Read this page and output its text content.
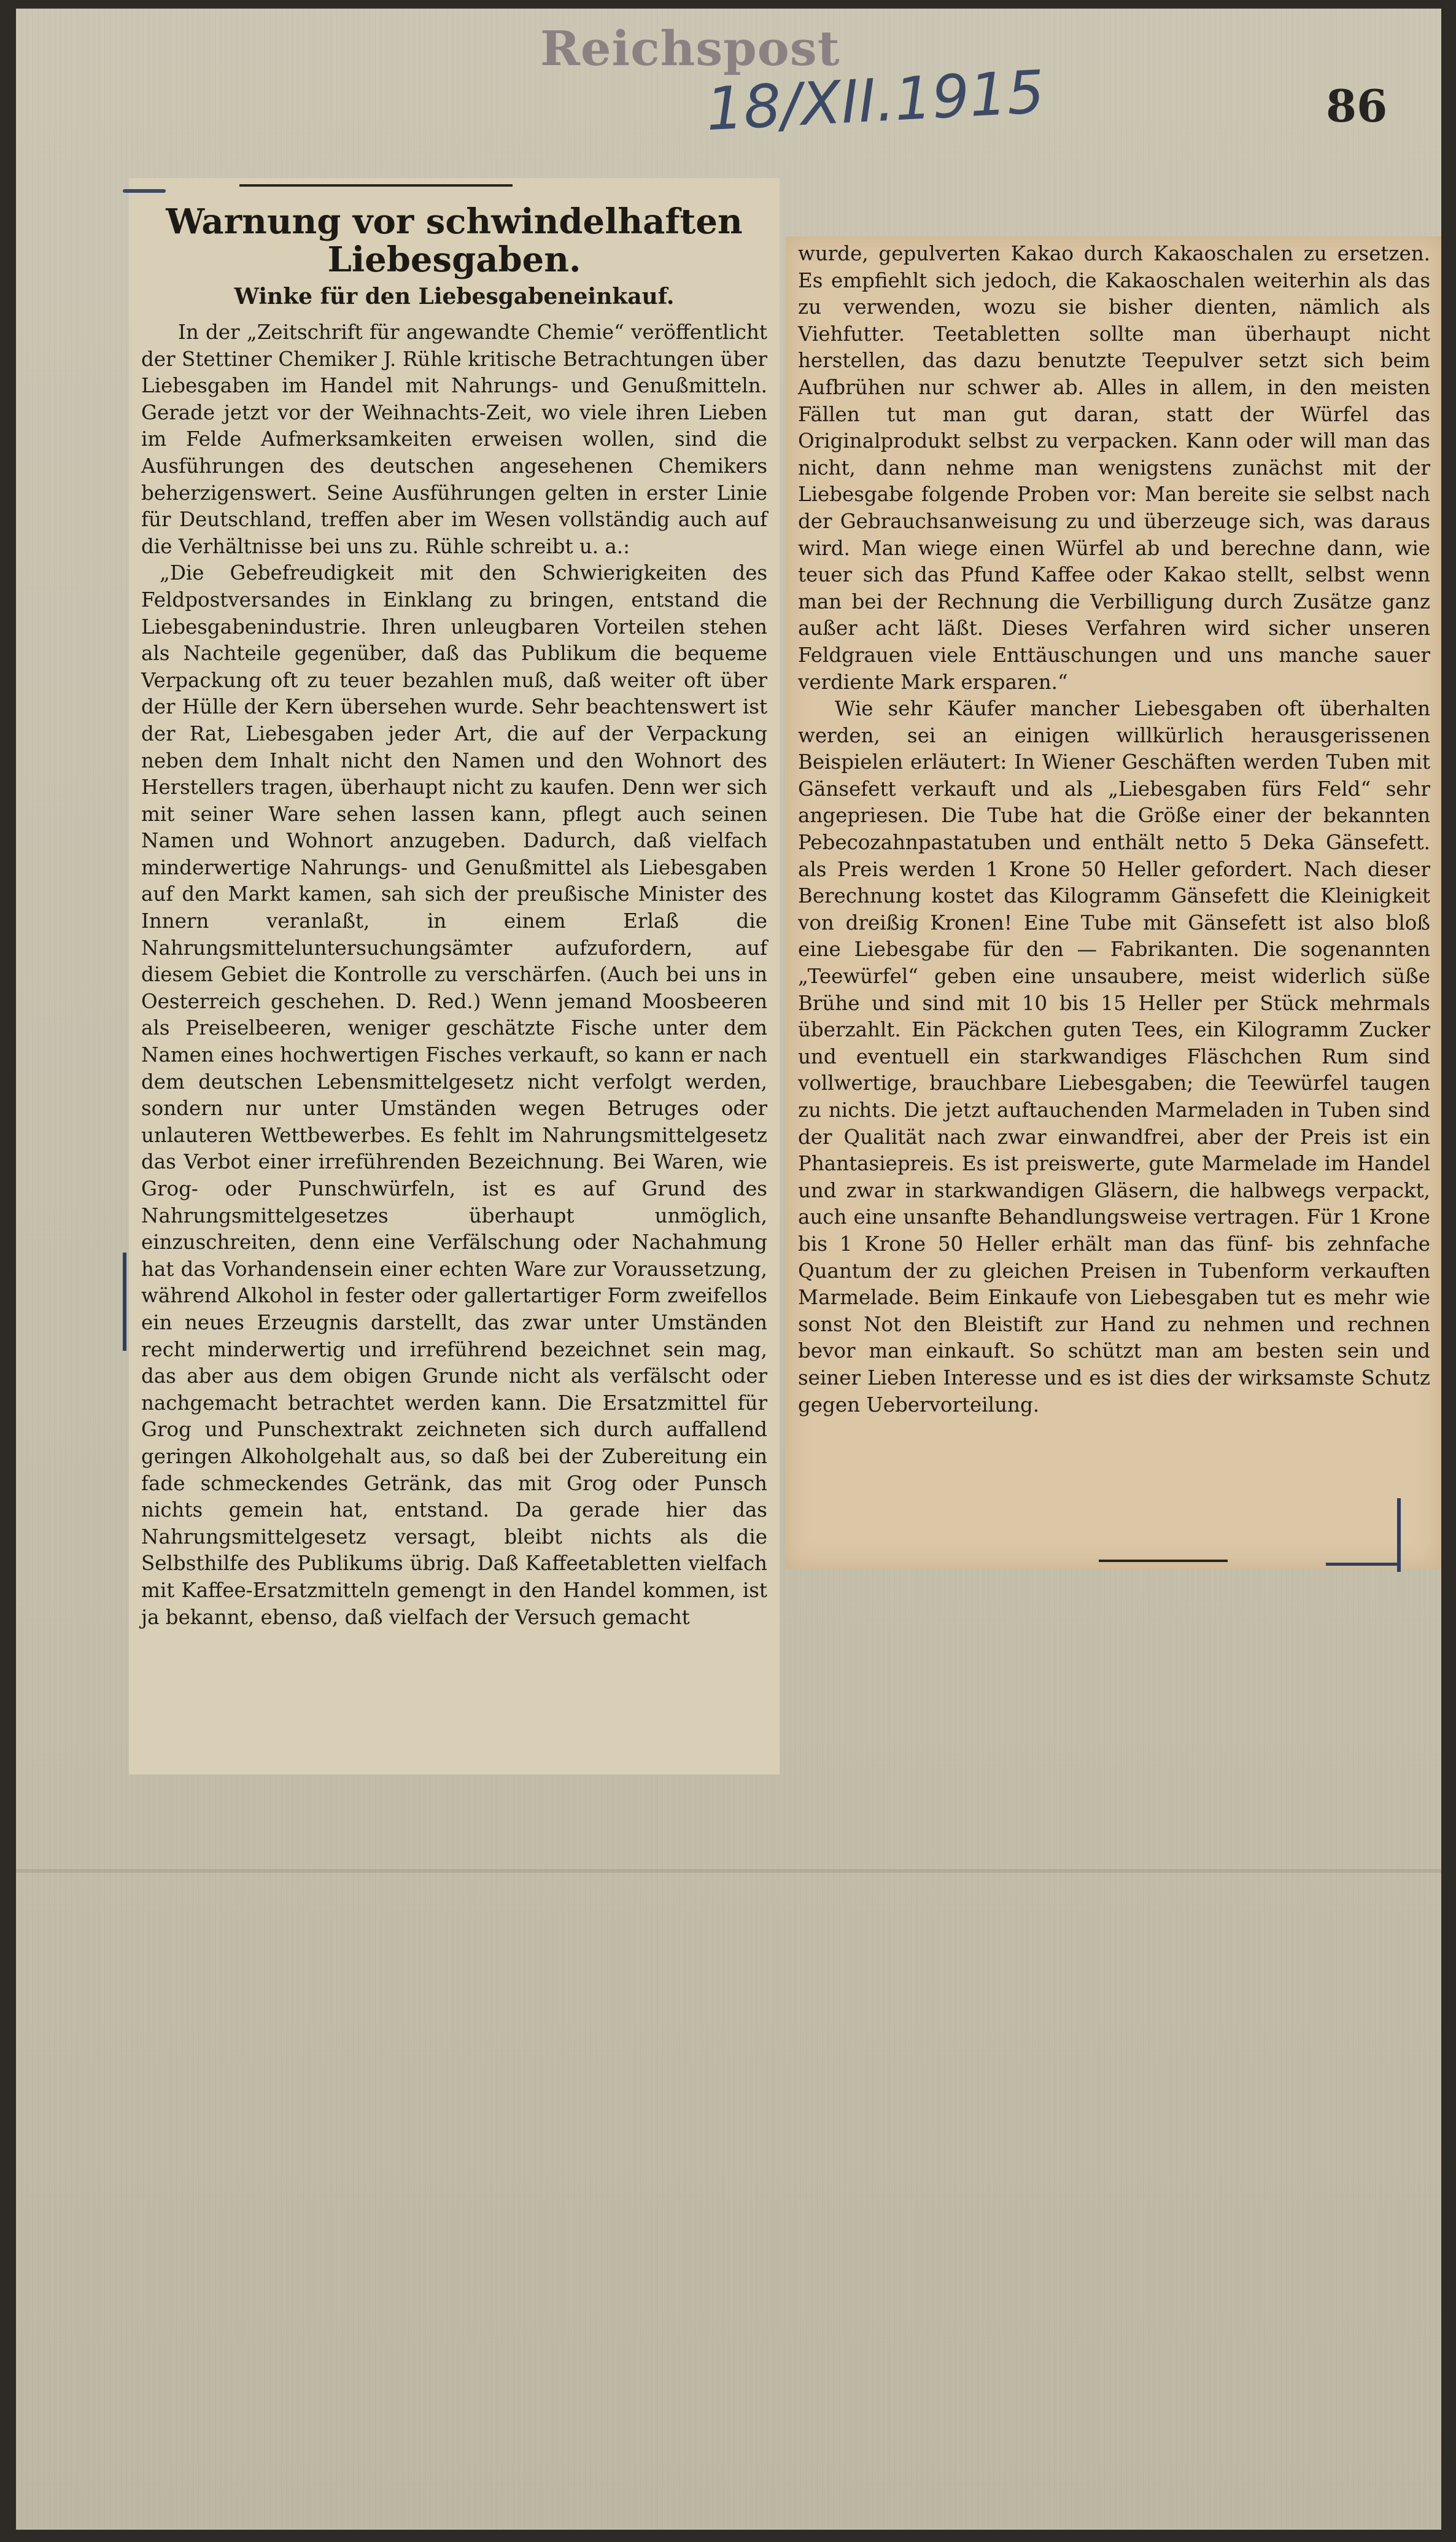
Reichspost
18/XII.1915	86
Warnung vor schwindelhaften
Liebesgaben.
Winke für den Liebesgabeneinkauf.

In der „Zeitschrift für angewandte Chemie“ veröffentlicht der Stettiner Chemiker J. Rühle kritische Betrachtungen über Liebesgaben im Handel mit Nahrungs- und Genußmitteln. Gerade jetzt vor der Weihnachts-Zeit, wo viele ihren Lieben im Felde Aufmerksamkeiten erweisen wollen, sind die Ausführungen des deutschen angesehenen Chemikers beherzigenswert. Seine Ausführungen gelten in erster Linie für Deutschland, treffen aber im Wesen vollständig auch auf die Verhältnisse bei uns zu. Rühle schreibt u. a.:

„Die Gebefreudigkeit mit den Schwierigkeiten des Feldpostversandes in Einklang zu bringen, entstand die Liebesgabenindustrie. Ihren unleugbaren Vorteilen stehen als Nachteile gegenüber, daß das Publikum die bequeme Verpackung oft zu teuer bezahlen muß, daß weiter oft über der Hülle der Kern übersehen wurde. Sehr beachtenswert ist der Rat, Liebesgaben jeder Art, die auf der Verpackung neben dem Inhalt nicht den Namen und den Wohnort des Herstellers tragen, überhaupt nicht zu kaufen. Denn wer sich mit seiner Ware sehen lassen kann, pflegt auch seinen Namen und Wohnort anzugeben. Dadurch, daß vielfach minderwertige Nahrungs- und Genußmittel als Liebesgaben auf den Markt kamen, sah sich der preußische Minister des Innern veranlaßt, in einem Erlaß die Nahrungsmitteluntersuchungsämter aufzufordern, auf diesem Gebiet die Kontrolle zu verschärfen. (Auch bei uns in Oesterreich geschehen. D. Red.) Wenn jemand Moosbeeren als Preiselbeeren, weniger geschätzte Fische unter dem Namen eines hochwertigen Fisches verkauft, so kann er nach dem deutschen Lebensmittelgesetz nicht verfolgt werden, sondern nur unter Umständen wegen Betruges oder unlauteren Wettbewerbes. Es fehlt im Nahrungsmittelgesetz das Verbot einer irreführenden Bezeichnung. Bei Waren, wie Grog- oder Punschwürfeln, ist es auf Grund des Nahrungsmittelgesetzes überhaupt unmöglich, einzuschreiten, denn eine Verfälschung oder Nachahmung hat das Vorhandensein einer echten Ware zur Voraussetzung, während Alkohol in fester oder gallertartiger Form zweifellos ein neues Erzeugnis darstellt, das zwar unter Umständen recht minderwertig und irreführend bezeichnet sein mag, das aber aus dem obigen Grunde nicht als verfälscht oder nachgemacht betrachtet werden kann. Die Ersatzmittel für Grog und Punschextrakt zeichneten sich durch auffallend geringen Alkoholgehalt aus, so daß bei der Zubereitung ein fade schmeckendes Getränk, das mit Grog oder Punsch nichts gemein hat, entstand. Da gerade hier das Nahrungsmittelgesetz versagt, bleibt nichts als die Selbsthilfe des Publikums übrig. Daß Kaffeetabletten vielfach mit Kaffee-Ersatzmitteln gemengt in den Handel kommen, ist ja bekannt, ebenso, daß vielfach der Versuch gemacht

wurde, gepulverten Kakao durch Kakaoschalen zu ersetzen. Es empfiehlt sich jedoch, die Kakaoschalen weiterhin als das zu verwenden, wozu sie bisher dienten, nämlich als Viehfutter. Teetabletten sollte man überhaupt nicht herstellen, das dazu benutzte Teepulver setzt sich beim Aufbrühen nur schwer ab. Alles in allem, in den meisten Fällen tut man gut daran, statt der Würfel das Originalprodukt selbst zu verpacken. Kann oder will man das nicht, dann nehme man wenigstens zunächst mit der Liebesgabe folgende Proben vor: Man bereite sie selbst nach der Gebrauchsanweisung zu und überzeuge sich, was daraus wird. Man wiege einen Würfel ab und berechne dann, wie teuer sich das Pfund Kaffee oder Kakao stellt, selbst wenn man bei der Rechnung die Verbilligung durch Zusätze ganz außer acht läßt. Dieses Verfahren wird sicher unseren Feldgrauen viele Enttäuschungen und uns manche sauer verdiente Mark ersparen.“

Wie sehr Käufer mancher Liebesgaben oft überhalten werden, sei an einigen willkürlich herausgerissenen Beispielen erläutert: In Wiener Geschäften werden Tuben mit Gänsefett verkauft und als „Liebesgaben fürs Feld“ sehr angepriesen. Die Tube hat die Größe einer der bekannten Pebecozahnpastatuben und enthält netto 5 Deka Gänsefett. als Preis werden 1 Krone 50 Heller gefordert. Nach dieser Berechnung kostet das Kilogramm Gänsefett die Kleinigkeit von dreißig Kronen! Eine Tube mit Gänsefett ist also bloß eine Liebesgabe für den — Fabrikanten. Die sogenannten „Teewürfel“ geben eine unsaubere, meist widerlich süße Brühe und sind mit 10 bis 15 Heller per Stück mehrmals überzahlt. Ein Päckchen guten Tees, ein Kilogramm Zucker und eventuell ein starkwandiges Fläschchen Rum sind vollwertige, brauchbare Liebesgaben; die Teewürfel taugen zu nichts. Die jetzt auftauchenden Marmeladen in Tuben sind der Qualität nach zwar einwandfrei, aber der Preis ist ein Phantasiepreis. Es ist preiswerte, gute Marmelade im Handel und zwar in starkwandigen Gläsern, die halbwegs verpackt, auch eine unsanfte Behandlungsweise vertragen. Für 1 Krone bis 1 Krone 50 Heller erhält man das fünf- bis zehnfache Quantum der zu gleichen Preisen in Tubenform verkauften Marmelade. Beim Einkaufe von Liebesgaben tut es mehr wie sonst Not den Bleistift zur Hand zu nehmen und rechnen bevor man einkauft. So schützt man am besten sein und seiner Lieben Interesse und es ist dies der wirksamste Schutz gegen Uebervorteilung.
